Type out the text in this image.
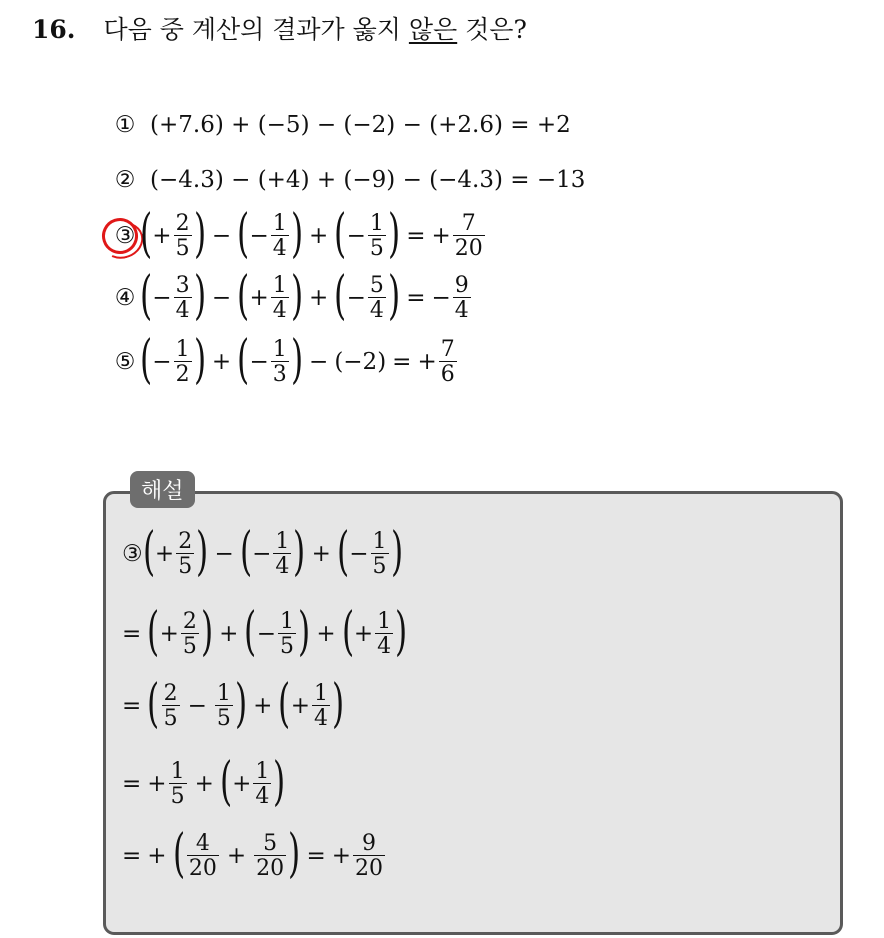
16. 다음 중 계산의 결과가 옳지 않은 것은?
① (+7.6) + (−5) − (−2) − (+2.6) = +2
② (−4.3) − (+4) + (−9) − (−4.3) = −13
③ ( + $\frac{2}{5}$ ) − ( − $\frac{1}{4}$ ) + ( − $\frac{1}{5}$ ) = + $\frac{7}{20}$
④ ( − $\frac{3}{4}$ ) − ( + $\frac{1}{4}$ ) + ( − $\frac{5}{4}$ ) = − $\frac{9}{4}$
⑤ ( − $\frac{1}{2}$ ) + ( − $\frac{1}{3}$ ) − (−2) = + $\frac{7}{6}$
해설
③ ( + $\frac{2}{5}$ ) − ( − $\frac{1}{4}$ ) + ( − $\frac{1}{5}$ )
= ( + $\frac{2}{5}$ ) + ( − $\frac{1}{5}$ ) + ( + $\frac{1}{4}$ )
= ( $\frac{2}{5} - \frac{1}{5}$ ) + ( + $\frac{1}{4}$ )
= + $\frac{1}{5}$ + ( + $\frac{1}{4}$ )
= + ( $\frac{4}{20} + \frac{5}{20}$ ) = + $\frac{9}{20}$
